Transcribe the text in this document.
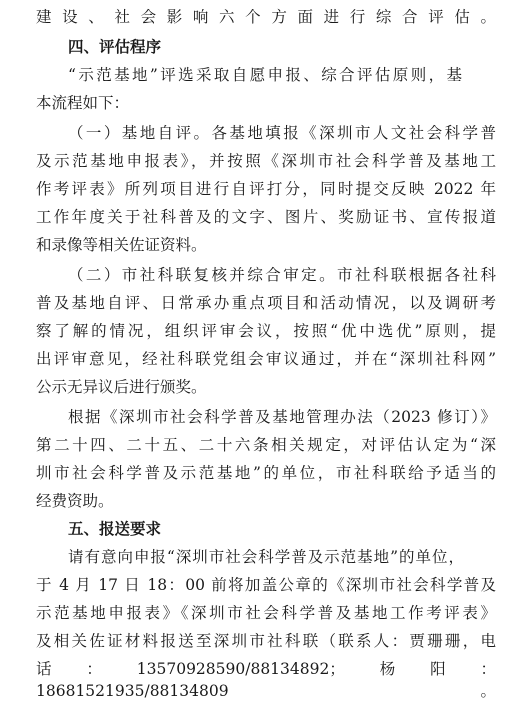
建设、社会影响六个方面进行综合评估。
四、评估程序
“示范基地”评选采取自愿申报、综合评估原则，基
本流程如下：
（一）基地自评。各基地填报《深圳市人文社会科学普
及示范基地申报表》，并按照《深圳市社会科学普及基地工
作考评表》所列项目进行自评打分，同时提交反映 2022 年
工作年度关于社科普及的文字、图片、奖励证书、宣传报道
和录像等相关佐证资料。
（二）市社科联复核并综合审定。市社科联根据各社科
普及基地自评、日常承办重点项目和活动情况，以及调研考
察了解的情况，组织评审会议，按照“优中选优”原则，提
出评审意见，经社科联党组会审议通过，并在“深圳社科网”
公示无异议后进行颁奖。
根据《深圳市社会科学普及基地管理办法（2023 修订）》
第二十四、二十五、二十六条相关规定，对评估认定为“深
圳市社会科学普及示范基地”的单位，市社科联给予适当的
经费资助。
五、报送要求
请有意向申报“深圳市社会科学普及示范基地”的单位，
于 4 月 17 日 18：00 前将加盖公章的《深圳市社会科学普及
示范基地申报表》《深圳市社会科学普及基地工作考评表》
及相关佐证材料报送至深圳市社科联（联系人：贾珊珊，电
话：13570928590/88134892；杨阳：18681521935/88134809。
